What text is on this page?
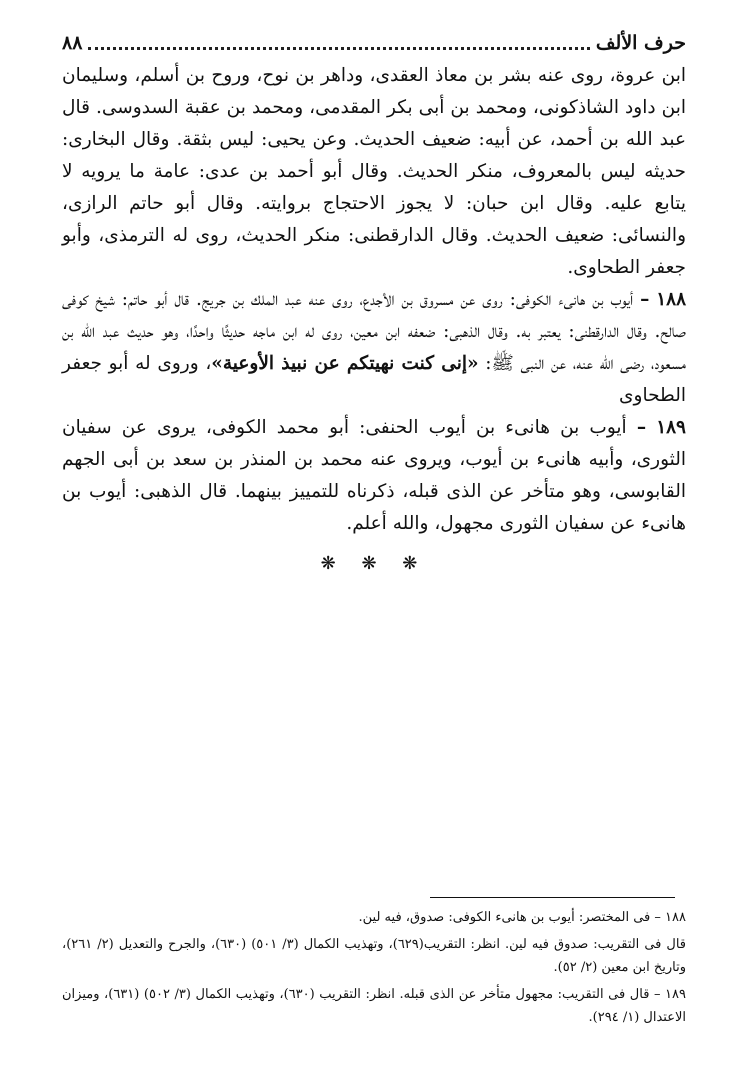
حرف الألف
٨٨

ابن عروة، روى عنه بشر بن معاذ العقدى، وداهر بن نوح، وروح بن أسلم، وسليمان ابن داود الشاذكونى، ومحمد بن أبى بكر المقدمى، ومحمد بن عقبة السدوسى. قال عبد الله بن أحمد، عن أبيه: ضعيف الحديث. وعن يحيى: ليس بثقة. وقال البخارى: حديثه ليس بالمعروف، منكر الحديث. وقال أبو أحمد بن عدى: عامة ما يرويه لا يتابع عليه. وقال ابن حبان: لا يجوز الاحتجاج بروايته. وقال أبو حاتم الرازى، والنسائى: ضعيف الحديث. وقال الدارقطنى: منكر الحديث، روى له الترمذى، وأبو جعفر الطحاوى.

١٨٨ – أيوب بن هانىء الكوفى: روى عن مسروق بن الأجدع، روى عنه عبد الملك بن جريج. قال أبو حاتم: شيخ كوفى صالح. وقال الدارقطنى: يعتبر به. وقال الذهبى: ضعفه ابن معين، روى له ابن ماجه حديثًا واحدًا، وهو حديث عبد الله بن مسعود، رضى الله عنه، عن النبى ﷺ: «إنى كنت نهيتكم عن نبيذ الأوعية»، وروى له أبو جعفر الطحاوى

١٨٩ – أيوب بن هانىء بن أيوب الحنفى: أبو محمد الكوفى، يروى عن سفيان الثورى، وأبيه هانىء بن أيوب، ويروى عنه محمد بن المنذر بن سعد بن أبى الجهم القابوسى، وهو متأخر عن الذى قبله، ذكرناه للتمييز بينهما. قال الذهبى: أيوب بن هانىء عن سفيان الثورى مجهول، والله أعلم.

❋ ❋ ❋

١٨٨ – فى المختصر: أيوب بن هانىء الكوفى: صدوق، فيه لين.

قال فى التقريب: صدوق فيه لين. انظر: التقريب(٦٢٩)، وتهذيب الكمال (٣/ ٥٠١) (٦٣٠)، والجرح والتعديل (٢/ ٢٦١)، وتاريخ ابن معين (٢/ ٥٢).

١٨٩ – قال فى التقريب: مجهول متأخر عن الذى قبله. انظر: التقريب (٦٣٠)، وتهذيب الكمال (٣/ ٥٠٢) (٦٣١)، وميزان الاعتدال (١/ ٢٩٤).
